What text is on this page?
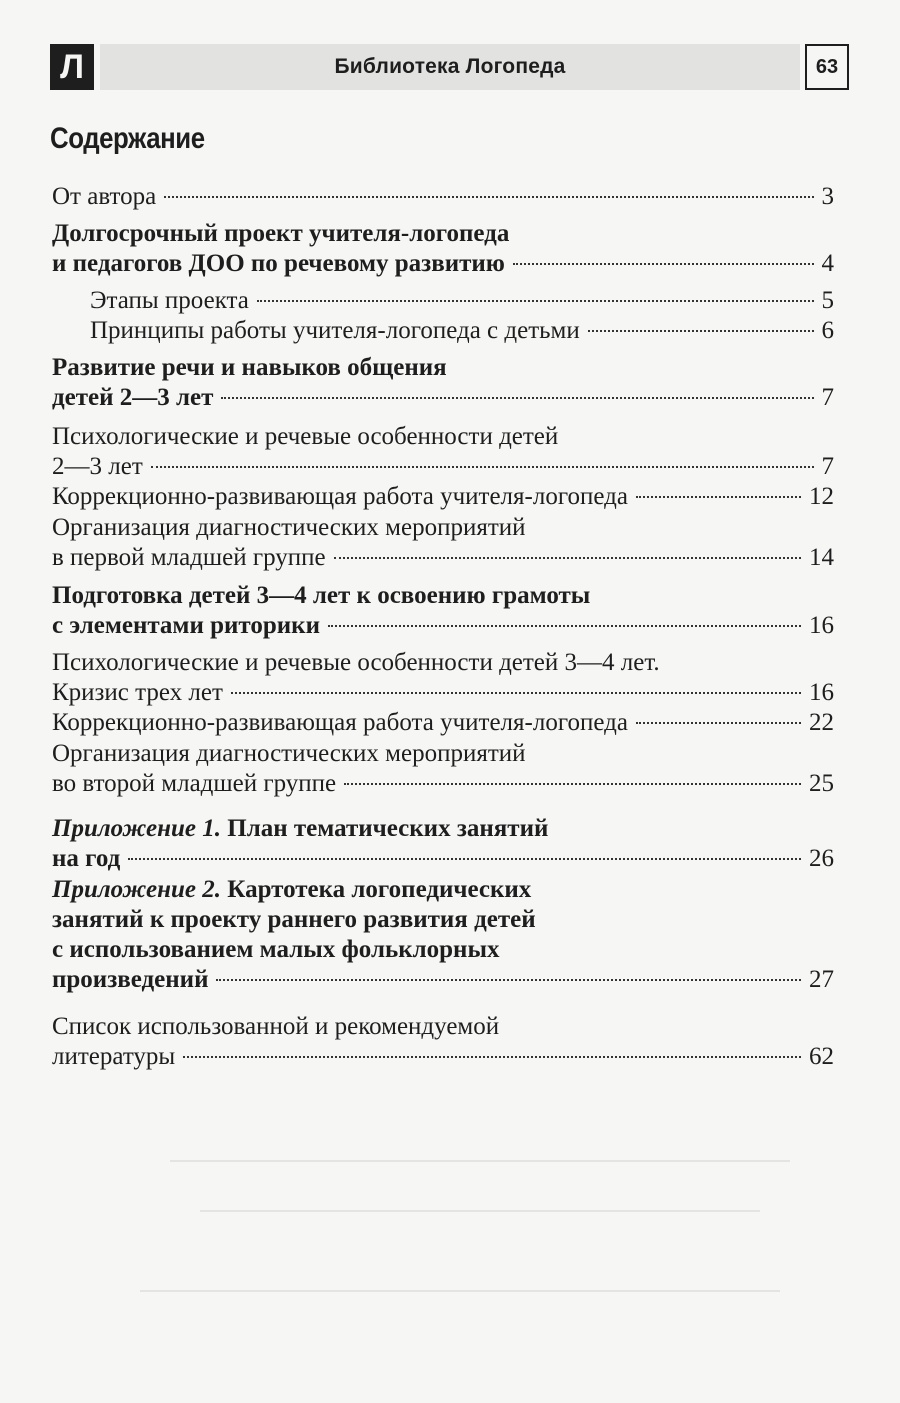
Л	Библиотека Логопеда	63
Содержание
От автора	3
Долгосрочный проект учителя-логопеда
и педагогов ДОО по речевому развитию	4
Этапы проекта	5
Принципы работы учителя-логопеда с детьми	6
Развитие речи и навыков общения
детей 2—3 лет	7
Психологические и речевые особенности детей
2—3 лет	7
Коррекционно-развивающая работа учителя-логопеда	12
Организация диагностических мероприятий
в первой младшей группе	14
Подготовка детей 3—4 лет к освоению грамоты
с элементами риторики	16
Психологические и речевые особенности детей 3—4 лет.
Кризис трех лет	16
Коррекционно-развивающая работа учителя-логопеда	22
Организация диагностических мероприятий
во второй младшей группе	25
Приложение 1. План тематических занятий
на год	26
Приложение 2. Картотека логопедических
занятий к проекту раннего развития детей
с использованием малых фольклорных
произведений	27
Список использованной и рекомендуемой
литературы	62
